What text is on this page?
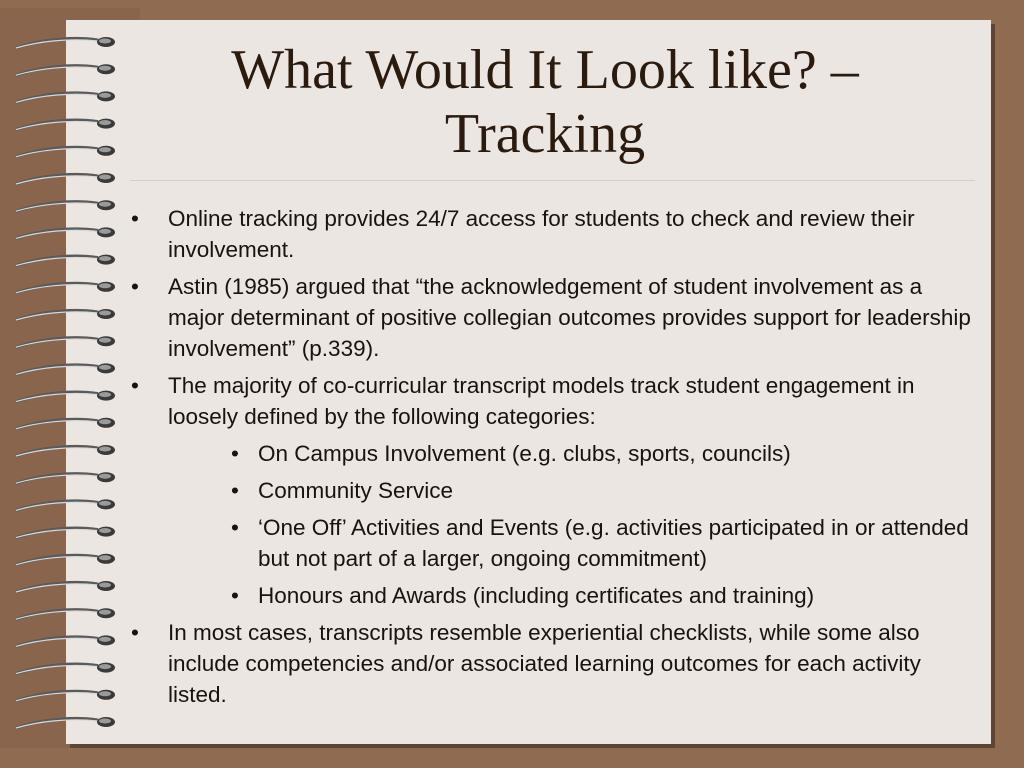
What Would It Look like? – Tracking
• Online tracking provides 24/7 access for students to check and review their involvement.
• Astin (1985) argued that “the acknowledgement of student involvement as a major determinant of positive collegian outcomes provides support for leadership involvement” (p.339).
• The majority of co-curricular transcript models track student engagement in loosely defined by the following categories:
• On Campus Involvement (e.g. clubs, sports, councils)
• Community Service
• ‘One Off’ Activities and Events (e.g. activities participated in or attended but not part of a larger, ongoing commitment)
• Honours and Awards (including certificates and training)
• In most cases, transcripts resemble experiential checklists, while some also include competencies and/or associated learning outcomes for each activity listed.
